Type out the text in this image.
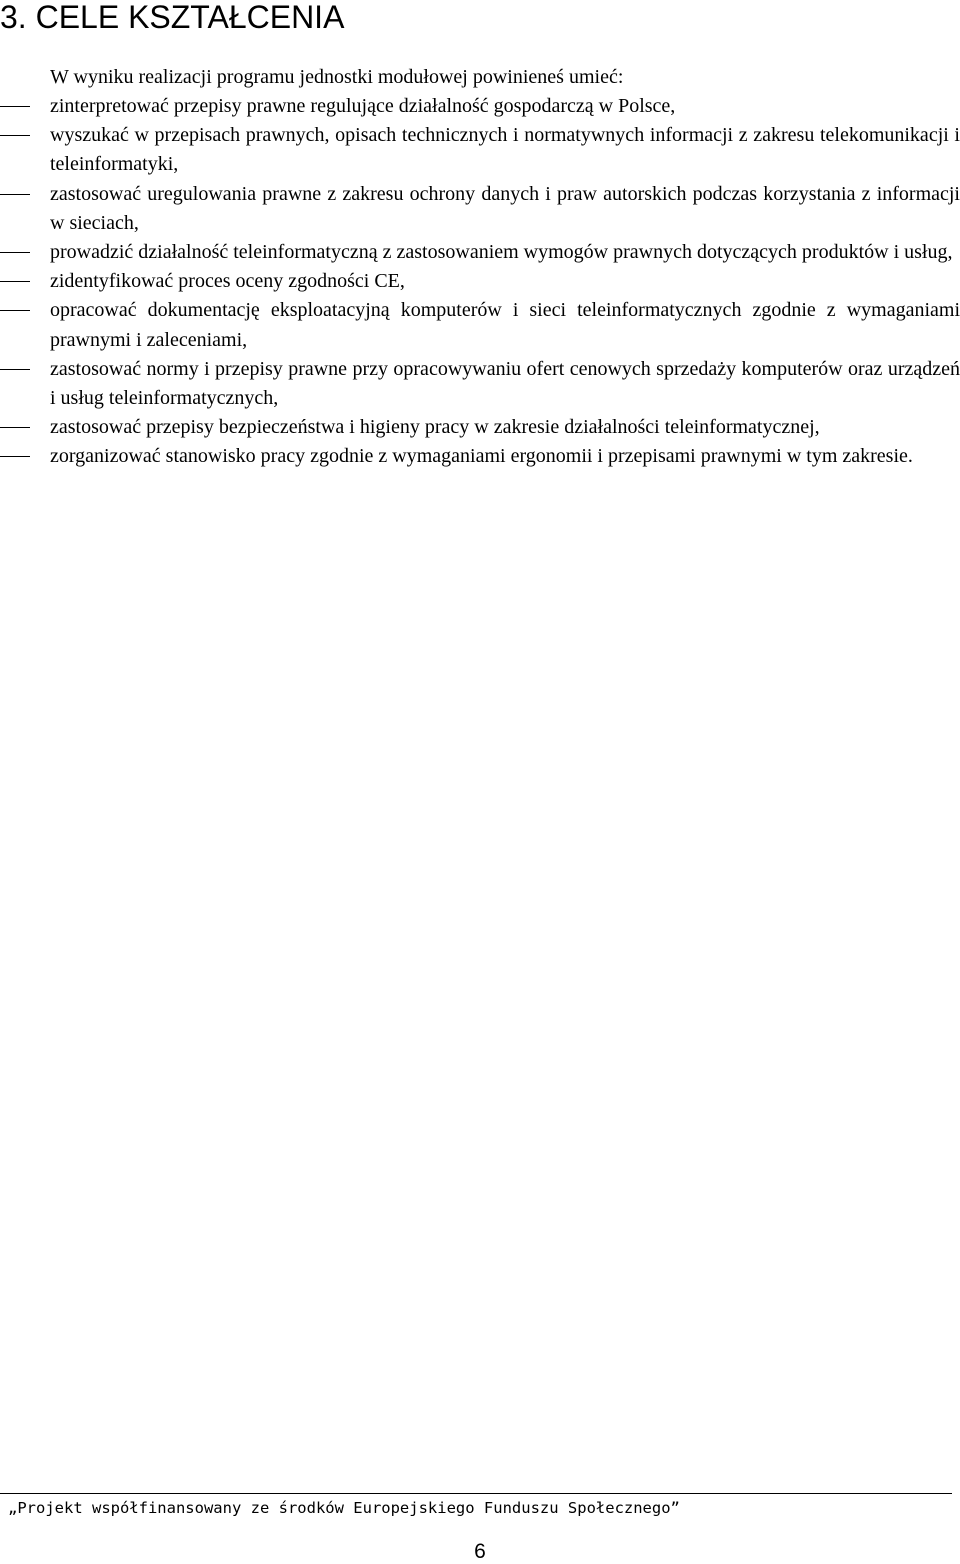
3. CELE KSZTAŁCENIA
W wyniku realizacji programu jednostki modułowej powinieneś umieć:
zinterpretować przepisy prawne regulujące działalność gospodarczą w Polsce,
wyszukać w przepisach prawnych, opisach technicznych i normatywnych informacji z zakresu telekomunikacji i teleinformatyki,
zastosować uregulowania prawne z zakresu ochrony danych i praw autorskich podczas korzystania z informacji w sieciach,
prowadzić działalność teleinformatyczną z zastosowaniem wymogów prawnych dotyczących produktów i usług,
zidentyfikować proces oceny zgodności CE,
opracować dokumentację eksploatacyjną komputerów i sieci teleinformatycznych zgodnie z wymaganiami prawnymi i zaleceniami,
zastosować normy i przepisy prawne przy opracowywaniu ofert cenowych sprzedaży komputerów oraz urządzeń i usług teleinformatycznych,
zastosować przepisy bezpieczeństwa i higieny pracy w zakresie działalności teleinformatycznej,
zorganizować stanowisko pracy zgodnie z wymaganiami ergonomii i przepisami prawnymi w tym zakresie.
„Projekt współfinansowany ze środków Europejskiego Funduszu Społecznego”
6
